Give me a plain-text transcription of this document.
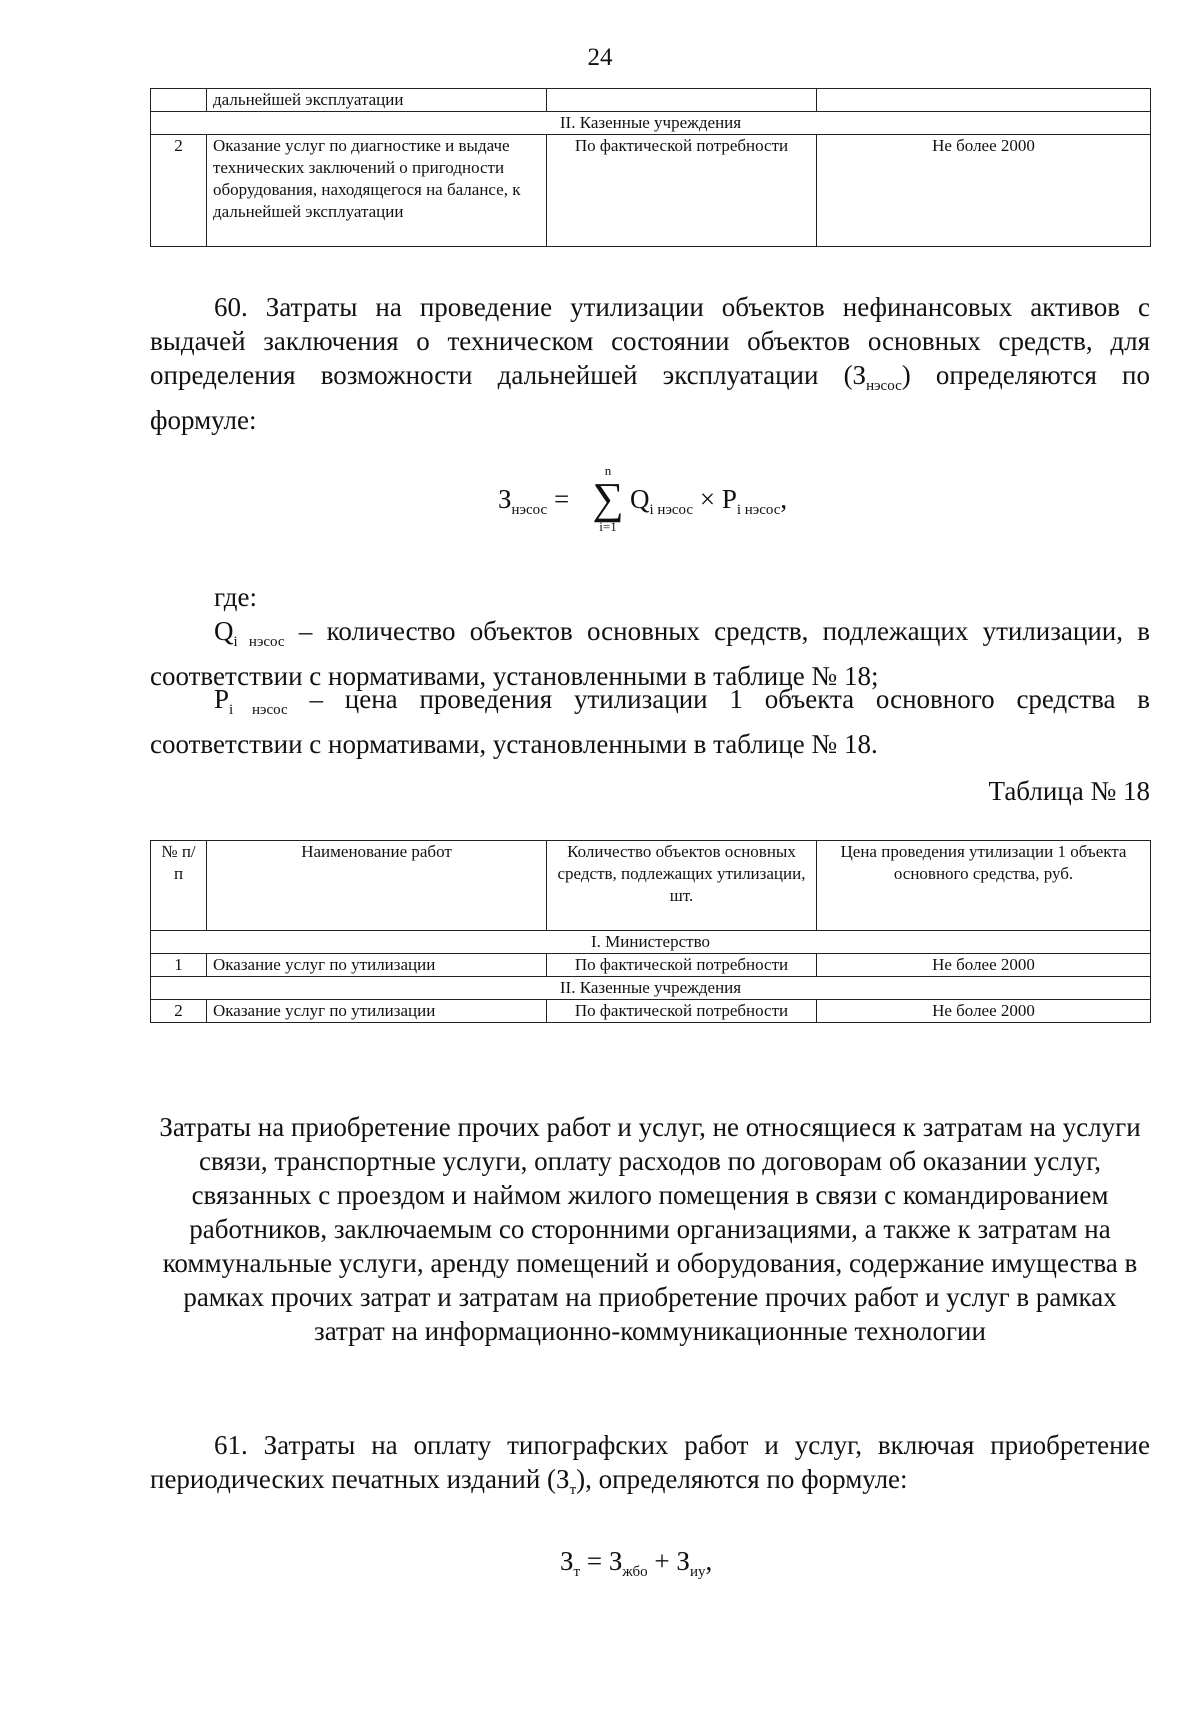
24
	дальнейшей эксплуатации		
II. Казенные учреждения			
2	Оказание услуг по диагностике и выдаче технических заключений о пригодности оборудования, находящегося на балансе, к дальнейшей эксплуатации	По фактической потребности	Не более 2000

60. Затраты на проведение утилизации объектов нефинансовых активов с выдачей заключения о техническом состоянии объектов основных средств, для определения возможности дальнейшей эксплуатации $(З_{нэсос})$ определяются по формуле:

$З_{нэсос}$ =
n
∑
i=1
$Q_{i нэсос} \times P_{i нэсос}$,

где:

$Q_{i нэсос}$ – количество объектов основных средств, подлежащих утилизации, в соответствии с нормативами, установленными в таблице № 18;

$P_{i нэсос}$ – цена проведения утилизации 1 объекта основного средства в соответствии с нормативами, установленными в таблице № 18.

Таблица № 18
№ п/п	Наименование работ	Количество объектов основных средств, подлежащих утилизации, шт.	Цена проведения утилизации 1 объекта основного средства, руб.
I. Министерство			
1	Оказание услуг по утилизации	По фактической потребности	Не более 2000
II. Казенные учреждения			
2	Оказание услуг по утилизации	По фактической потребности	Не более 2000

Затраты на приобретение прочих работ и услуг, не относящиеся к затратам на услуги связи, транспортные услуги, оплату расходов по договорам об оказании услуг, связанных с проездом и наймом жилого помещения в связи с командированием работников, заключаемым со сторонними организациями, а также к затратам на коммунальные услуги, аренду помещений и оборудования, содержание имущества в рамках прочих затрат и затратам на приобретение прочих работ и услуг в рамках затрат на информационно-коммуникационные технологии

61. Затраты на оплату типографских работ и услуг, включая приобретение периодических печатных изданий $(З_т)$, определяются по формуле:

$З_т = З_{жбо} + З_{иу}$,
